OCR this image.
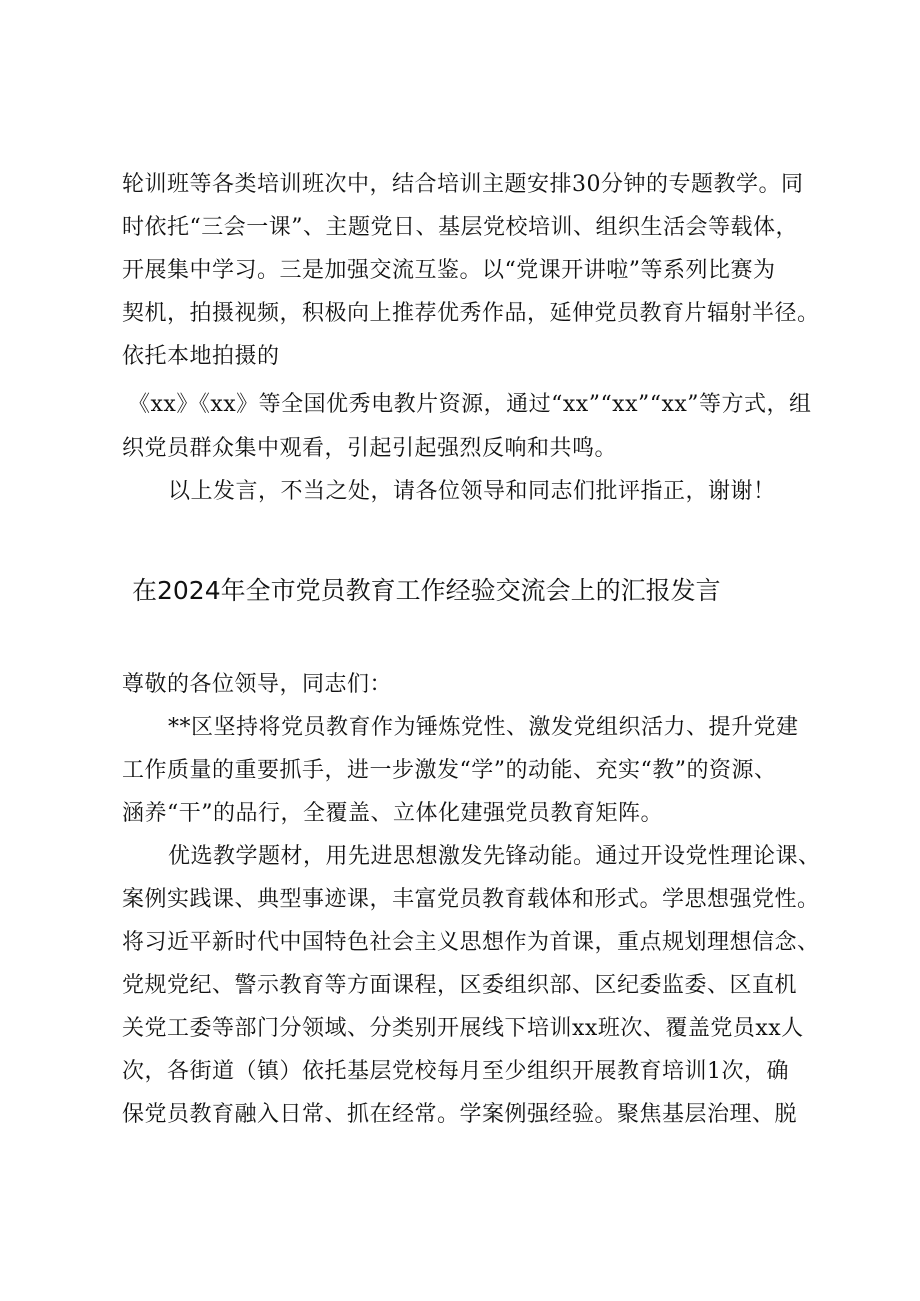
轮训班等各类培训班次中，结合培训主题安排30分钟的专题教学。同
时依托“三会一课”、主题党日、基层党校培训、组织生活会等载体，
开展集中学习。三是加强交流互鉴。以“党课开讲啦”等系列比赛为
契机，拍摄视频，积极向上推荐优秀作品，延伸党员教育片辐射半径。
依托本地拍摄的
《xx》《xx》等全国优秀电教片资源，通过“xx”“xx”“xx”等方式，组
织党员群众集中观看，引起引起强烈反响和共鸣。
以上发言，不当之处，请各位领导和同志们批评指正，谢谢！
在2024年全市党员教育工作经验交流会上的汇报发言
尊敬的各位领导，同志们：
**区坚持将党员教育作为锤炼党性、激发党组织活力、提升党建
工作质量的重要抓手，进一步激发“学”的动能、充实“教”的资源、
涵养“干”的品行，全覆盖、立体化建强党员教育矩阵。
优选教学题材，用先进思想激发先锋动能。通过开设党性理论课、
案例实践课、典型事迹课，丰富党员教育载体和形式。学思想强党性。
将习近平新时代中国特色社会主义思想作为首课，重点规划理想信念、
党规党纪、警示教育等方面课程，区委组织部、区纪委监委、区直机
关党工委等部门分领域、分类别开展线下培训xx班次、覆盖党员xx人
次，各街道（镇）依托基层党校每月至少组织开展教育培训1次，确
保党员教育融入日常、抓在经常。学案例强经验。聚焦基层治理、脱
